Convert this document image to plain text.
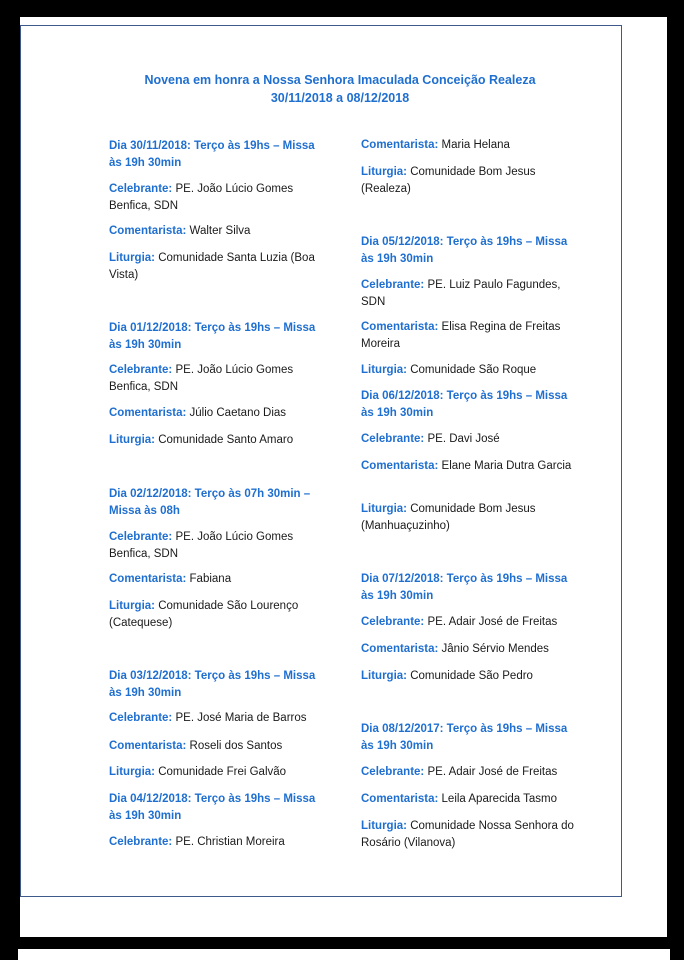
Novena em honra a Nossa Senhora Imaculada Conceição Realeza
30/11/2018 a 08/12/2018
Dia 30/11/2018: Terço às 19hs – Missa às 19h 30min
Celebrante: PE. João Lúcio Gomes Benfica, SDN
Comentarista: Walter Silva
Liturgia: Comunidade Santa Luzia (Boa Vista)
Dia 01/12/2018: Terço às 19hs – Missa às 19h 30min
Celebrante: PE. João Lúcio Gomes Benfica, SDN
Comentarista: Júlio Caetano Dias
Liturgia: Comunidade Santo Amaro
Dia 02/12/2018: Terço às 07h 30min – Missa às 08h
Celebrante: PE. João Lúcio Gomes Benfica, SDN
Comentarista: Fabiana
Liturgia: Comunidade São Lourenço (Catequese)
Dia 03/12/2018: Terço às 19hs – Missa às 19h 30min
Celebrante: PE. José Maria de Barros
Comentarista: Roseli dos Santos
Liturgia: Comunidade Frei Galvão
Dia 04/12/2018: Terço às 19hs – Missa às 19h 30min
Celebrante: PE. Christian Moreira
Comentarista: Maria Helana
Liturgia: Comunidade Bom Jesus (Realeza)
Dia 05/12/2018: Terço às 19hs – Missa às 19h 30min
Celebrante: PE. Luiz Paulo Fagundes, SDN
Comentarista: Elisa Regina de Freitas Moreira
Liturgia: Comunidade São Roque
Dia 06/12/2018: Terço às 19hs – Missa às 19h 30min
Celebrante: PE. Davi José
Comentarista: Elane Maria Dutra Garcia
Liturgia: Comunidade Bom Jesus (Manhuaçuzinho)
Dia 07/12/2018: Terço às 19hs – Missa às 19h 30min
Celebrante: PE. Adair José de Freitas
Comentarista: Jânio Sérvio Mendes
Liturgia: Comunidade São Pedro
Dia 08/12/2017: Terço às 19hs – Missa às 19h 30min
Celebrante: PE. Adair José de Freitas
Comentarista: Leila Aparecida Tasmo
Liturgia: Comunidade Nossa Senhora do Rosário (Vilanova)
